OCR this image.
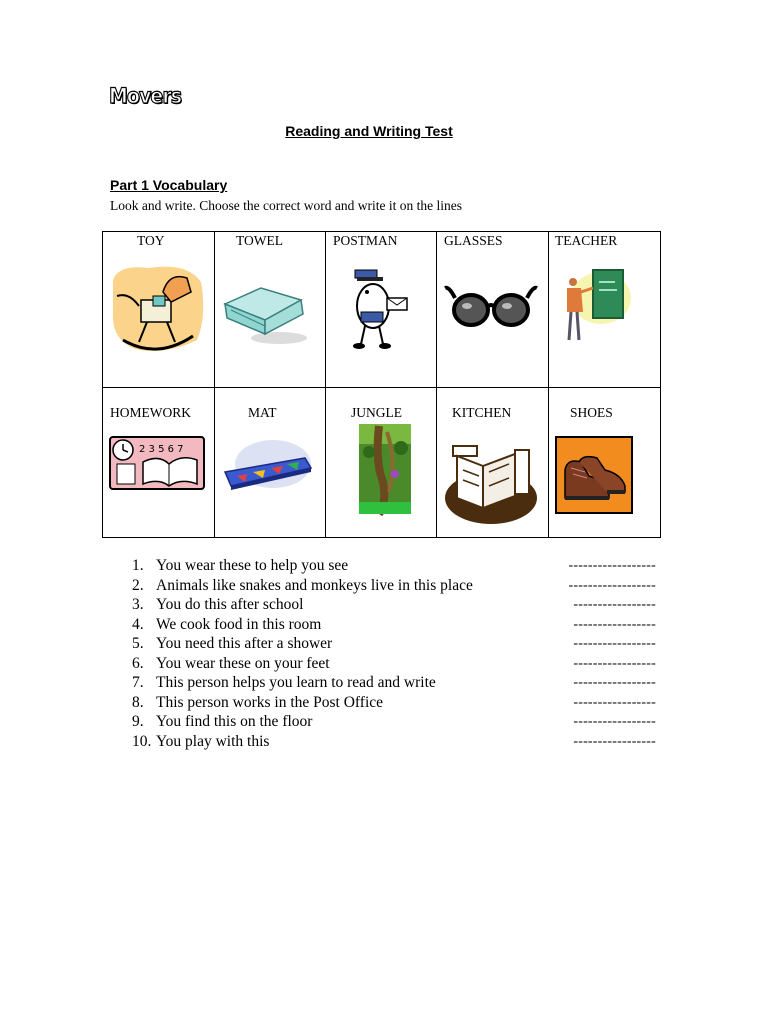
Movers
Reading and Writing Test
Part 1 Vocabulary
Look and write. Choose the correct word and write it on the lines
TOY	TOWEL	POSTMAN	GLASSES	TEACHER
HOMEWORK	MAT	JUNGLE	KITCHEN	SHOES
2 3 5 6 7
1. You wear these to help you see	------------------
2. Animals like snakes and monkeys live in this place	------------------
3. You do this after school	-----------------
4. We cook food in this room	-----------------
5. You need this after a shower	-----------------
6. You wear these on your feet	-----------------
7. This person helps you learn to read and write	-----------------
8. This person works in the Post Office	-----------------
9. You find this on the floor	-----------------
10. You play with this	-----------------
